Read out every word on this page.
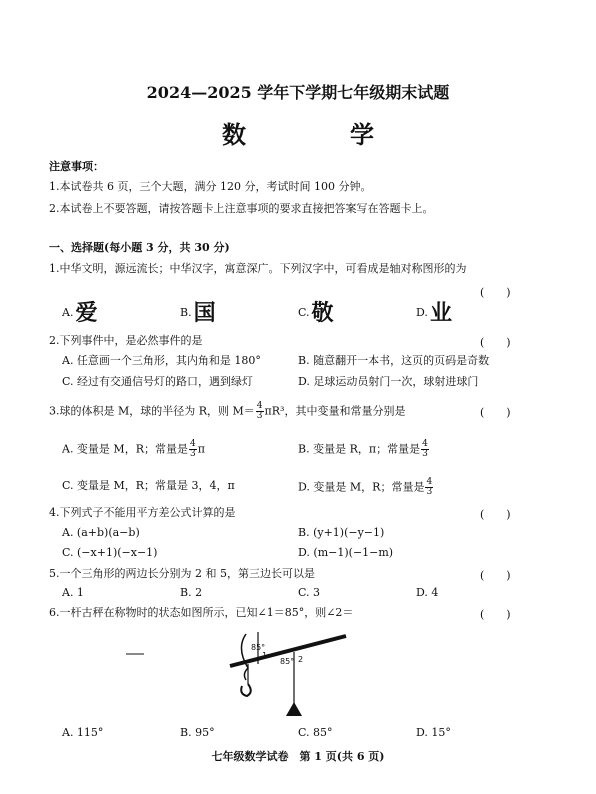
2024—2025 学年下学期七年级期末试题
数　学
注意事项：
1.本试卷共 6 页，三个大题，满分 120 分，考试时间 100 分钟。
2.本试卷上不要答题，请按答题卡上注意事项的要求直接把答案写在答题卡上。
一、选择题(每小题 3 分，共 30 分)
1.中华文明，源远流长；中华汉字，寓意深广。下列汉字中，可看成是轴对称图形的为
(　　)
A.爱	B.国	C.敬	D.业
2.下列事件中，是必然事件的是	(　　)
A. 任意画一个三角形，其内角和是 180°	B. 随意翻开一本书，这页的页码是奇数
C. 经过有交通信号灯的路口，遇到绿灯	D. 足球运动员射门一次，球射进球门
3.球的体积是 M，球的半径为 R，则 $M= \frac{4}{3} \pi R^3$，其中变量和常量分别是	(　　)
A. 变量是 M，R；常量是 $\frac{4}{3}$ π	B. 变量是 R，π；常量是 $\frac{4}{3}$
C. 变量是 M，R；常量是 3，4，π	D. 变量是 M，R；常量是 $\frac{4}{3}$
4.下列式子不能用平方差公式计算的是	(　　)
A. (a+b)(a−b)	B. (y+1)(−y−1)
C. (−x+1)(−x−1)	D. (m−1)(−1−m)
5.一个三角形的两边长分别为 2 和 5，第三边长可以是	(　　)
A. 1	B. 2	C. 3	D. 4
6.一杆古秤在称物时的状态如图所示，已知∠1＝85°，则∠2＝	(　　)
85°
1
85° 2
A. 115°	B. 95°	C. 85°	D. 15°
七年级数学试卷　第 1 页(共 6 页)
